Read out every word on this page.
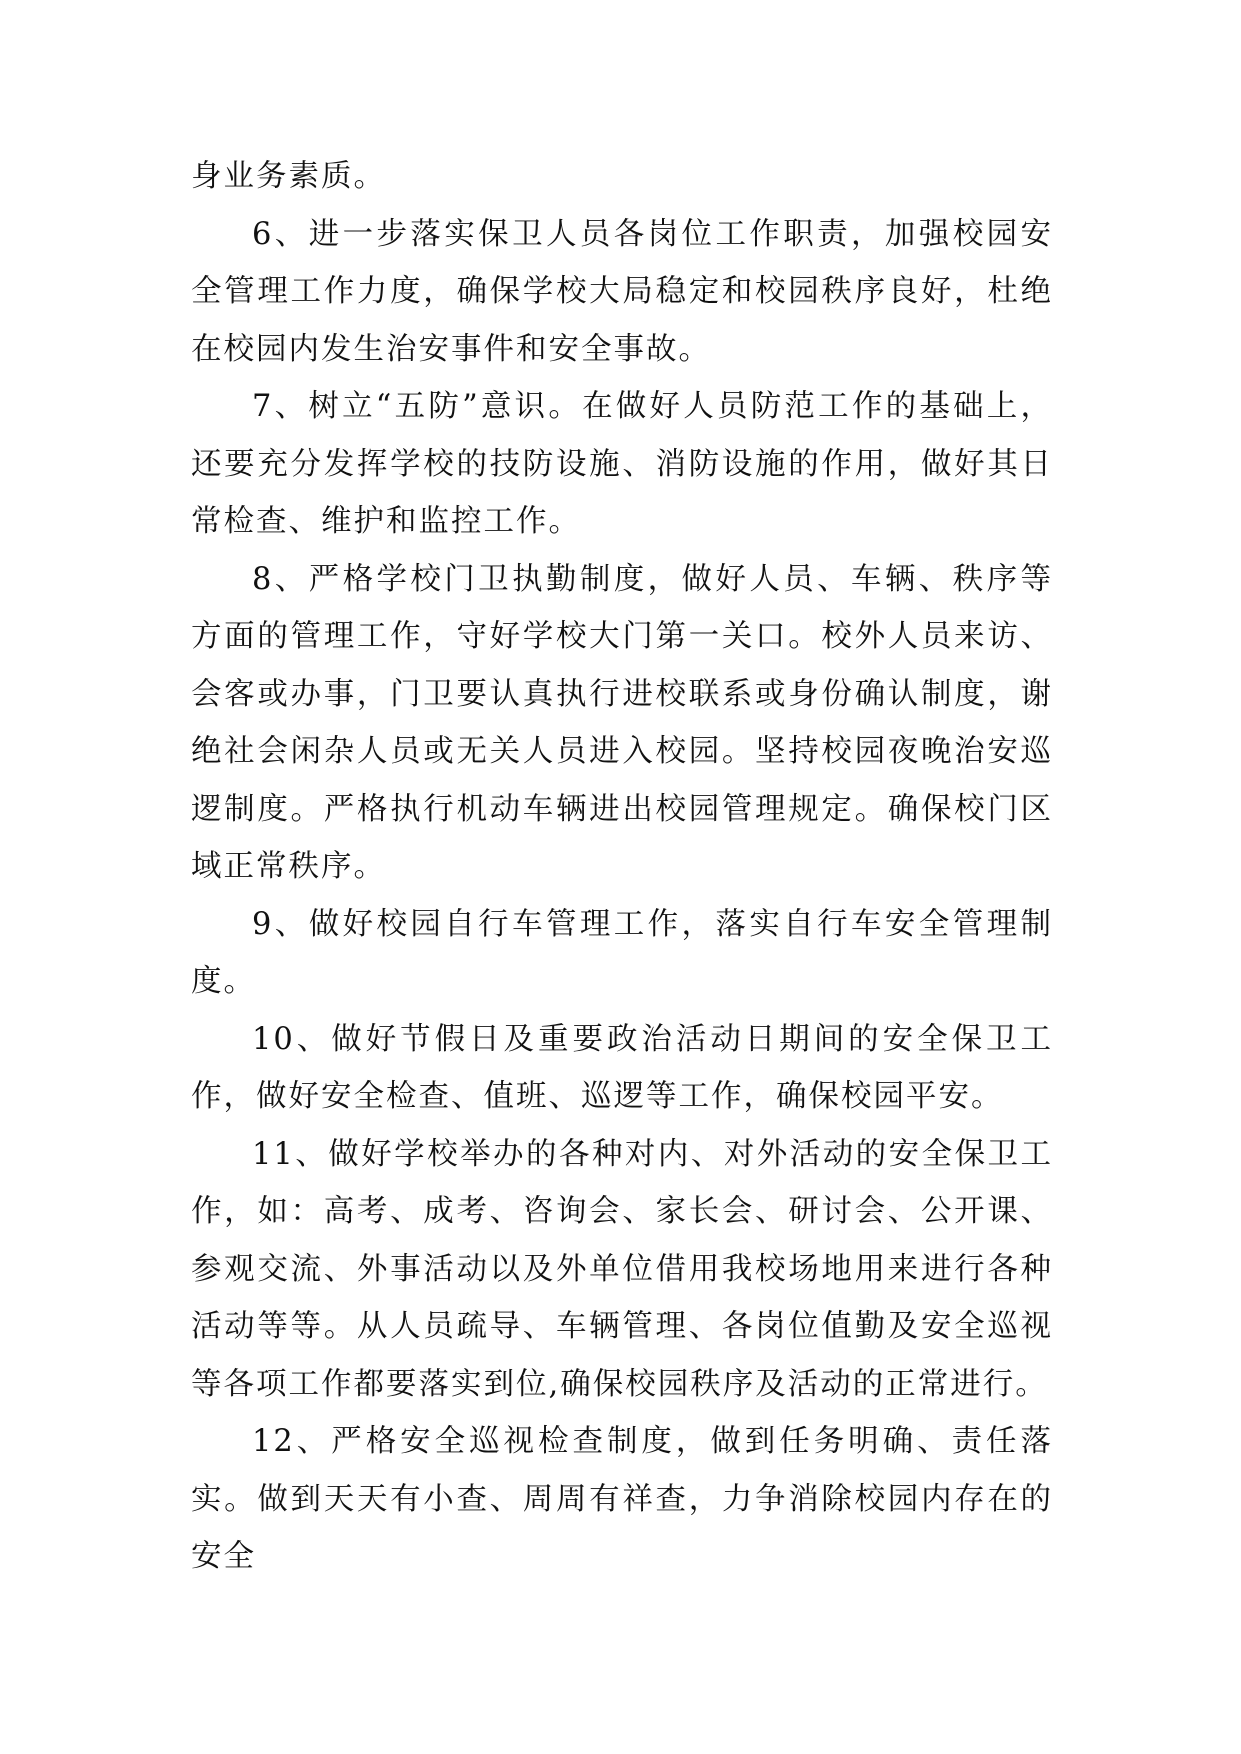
身业务素质。

6、进一步落实保卫人员各岗位工作职责，加强校园安全管理工作力度，确保学校大局稳定和校园秩序良好，杜绝在校园内发生治安事件和安全事故。

7、树立“五防”意识。在做好人员防范工作的基础上，还要充分发挥学校的技防设施、消防设施的作用，做好其日常检查、维护和监控工作。

8、严格学校门卫执勤制度，做好人员、车辆、秩序等方面的管理工作，守好学校大门第一关口。校外人员来访、会客或办事，门卫要认真执行进校联系或身份确认制度，谢绝社会闲杂人员或无关人员进入校园。坚持校园夜晚治安巡逻制度。严格执行机动车辆进出校园管理规定。确保校门区域正常秩序。

9、做好校园自行车管理工作，落实自行车安全管理制度。

10、做好节假日及重要政治活动日期间的安全保卫工作，做好安全检查、值班、巡逻等工作，确保校园平安。

11、做好学校举办的各种对内、对外活动的安全保卫工作，如：高考、成考、咨询会、家长会、研讨会、公开课、参观交流、外事活动以及外单位借用我校场地用来进行各种活动等等。从人员疏导、车辆管理、各岗位值勤及安全巡视等各项工作都要落实到位,确保校园秩序及活动的正常进行。

12、严格安全巡视检查制度，做到任务明确、责任落实。做到天天有小查、周周有祥查，力争消除校园内存在的安全
